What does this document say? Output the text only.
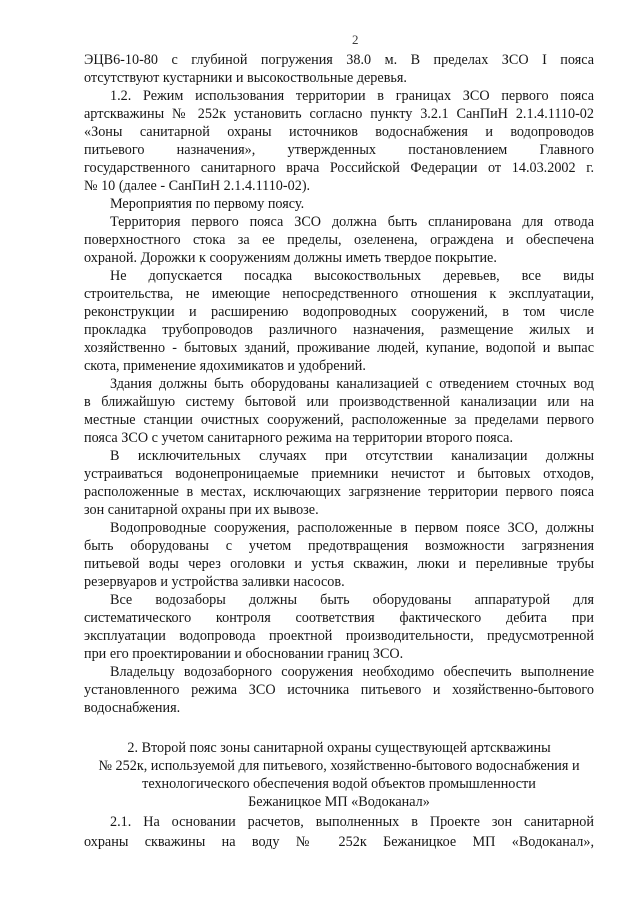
2
ЭЦВ6-10-80 с глубиной погружения 38.0 м. В пределах ЗСО I пояса
отсутствуют кустарники и высокоствольные деревья.
1.2. Режим использования территории в границах ЗСО первого пояса
артскважины № 252к установить согласно пункту 3.2.1 СанПиН 2.1.4.1110-02
«Зоны санитарной охраны источников водоснабжения и водопроводов
питьевого назначения», утвержденных постановлением Главного
государственного санитарного врача Российской Федерации от 14.03.2002 г.
№ 10 (далее - СанПиН 2.1.4.1110-02).
Мероприятия по первому поясу.
Территория первого пояса ЗСО должна быть спланирована для отвода
поверхностного стока за ее пределы, озеленена, ограждена и обеспечена
охраной. Дорожки к сооружениям должны иметь твердое покрытие.
Не допускается посадка высокоствольных деревьев, все виды
строительства, не имеющие непосредственного отношения к эксплуатации,
реконструкции и расширению водопроводных сооружений, в том числе
прокладка трубопроводов различного назначения, размещение жилых и
хозяйственно - бытовых зданий, проживание людей, купание, водопой и выпас
скота, применение ядохимикатов и удобрений.
Здания должны быть оборудованы канализацией с отведением сточных вод
в ближайшую систему бытовой или производственной канализации или на
местные станции очистных сооружений, расположенные за пределами первого
пояса ЗСО с учетом санитарного режима на территории второго пояса.
В исключительных случаях при отсутствии канализации должны
устраиваться водонепроницаемые приемники нечистот и бытовых отходов,
расположенные в местах, исключающих загрязнение территории первого пояса
зон санитарной охраны при их вывозе.
Водопроводные сооружения, расположенные в первом поясе ЗСО, должны
быть оборудованы с учетом предотвращения возможности загрязнения
питьевой воды через оголовки и устья скважин, люки и переливные трубы
резервуаров и устройства заливки насосов.
Все водозаборы должны быть оборудованы аппаратурой для
систематического контроля соответствия фактического дебита при
эксплуатации водопровода проектной производительности, предусмотренной
при его проектировании и обосновании границ ЗСО.
Владельцу водозаборного сооружения необходимо обеспечить выполнение
установленного режима ЗСО источника питьевого и хозяйственно-бытового
водоснабжения.
2. Второй пояс зоны санитарной охраны существующей артскважины
№ 252к, используемой для питьевого, хозяйственно-бытового водоснабжения и
технологического обеспечения водой объектов промышленности
Бежаницкое МП «Водоканал»
2.1. На основании расчетов, выполненных в Проекте зон санитарной
охраны скважины на воду № 252к Бежаницкое МП «Водоканал»,
